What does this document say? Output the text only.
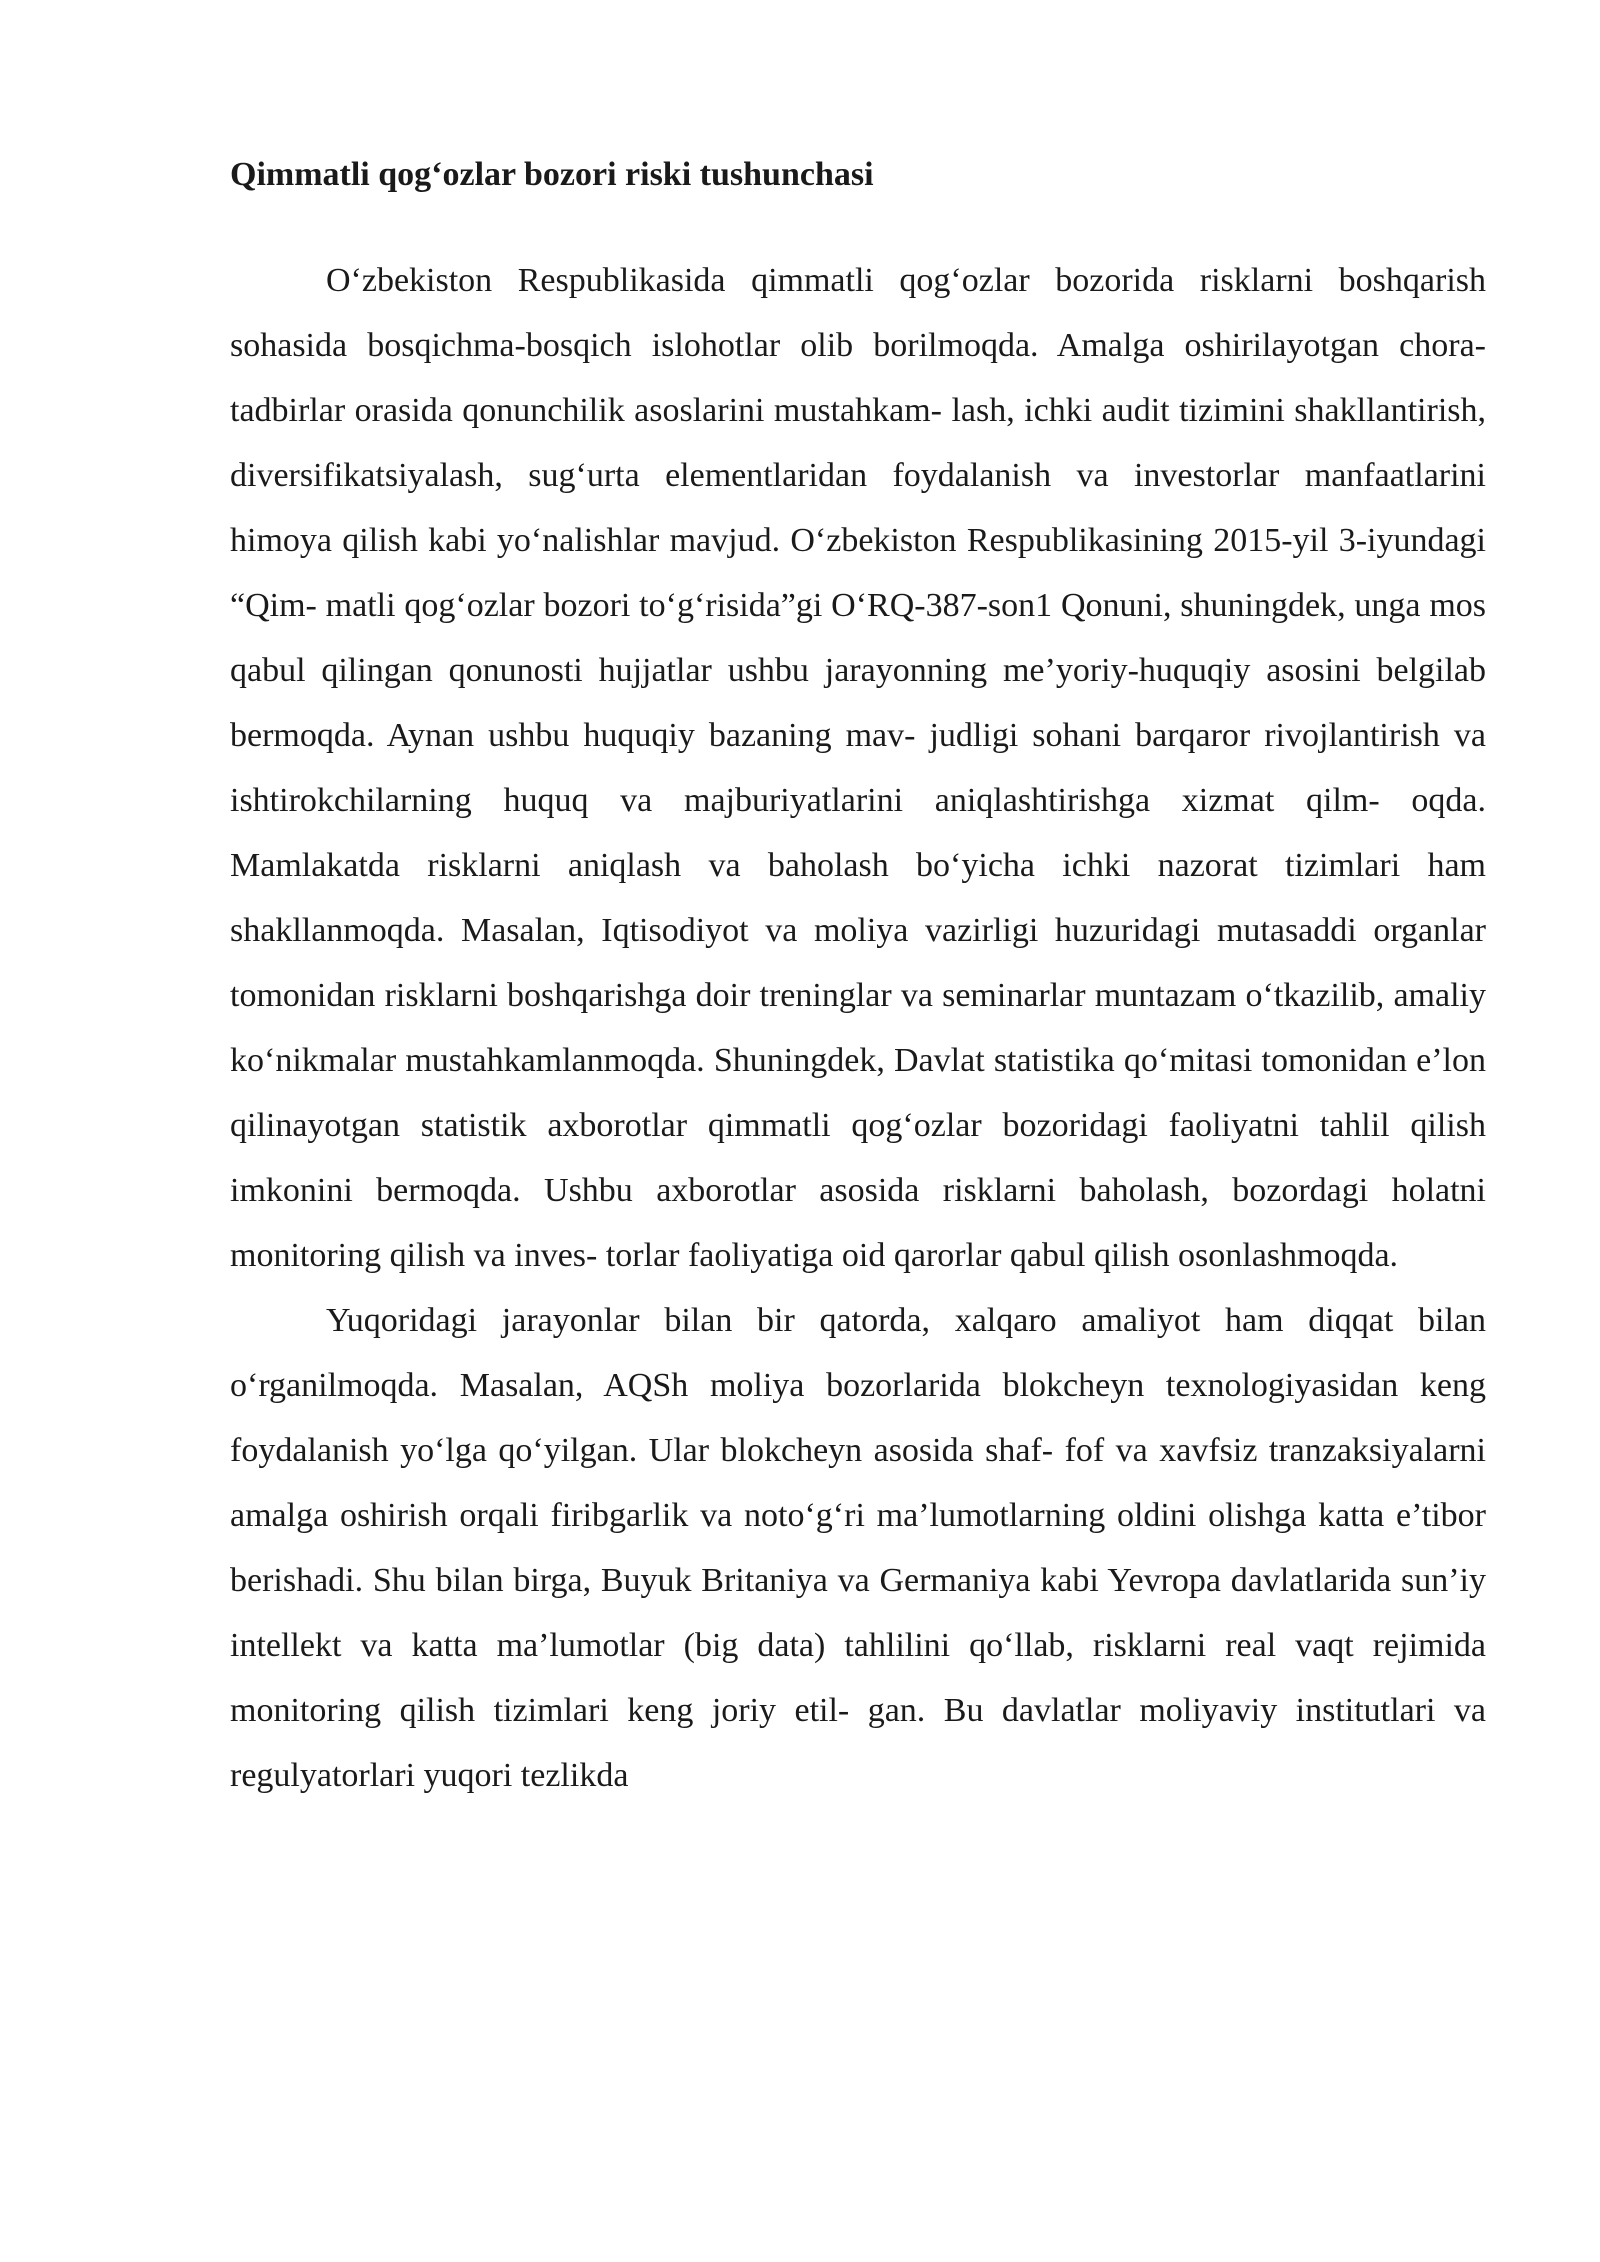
Qimmatli qog‘ozlar bozori riski tushunchasi

O‘zbekiston Respublikasida qimmatli qog‘ozlar bozorida risklarni boshqarish sohasida bosqichma-bosqich islohotlar olib borilmoqda. Amalga oshirilayotgan chora-tadbirlar orasida qonunchilik asoslarini mustahkam- lash, ichki audit tizimini shakllantirish, diversifikatsiyalash, sug‘urta elementlaridan foydalanish va investorlar manfaatlarini himoya qilish kabi yo‘nalishlar mavjud. O‘zbekiston Respublikasining 2015-yil 3-iyundagi “Qim- matli qog‘ozlar bozori to‘g‘risida”gi O‘RQ-387-son1 Qonuni, shuningdek, unga mos qabul qilingan qonunosti hujjatlar ushbu jarayonning me’yoriy-huquqiy asosini belgilab bermoqda. Aynan ushbu huquqiy bazaning mav- judligi sohani barqaror rivojlantirish va ishtirokchilarning huquq va majburiyatlarini aniqlashtirishga xizmat qilm- oqda. Mamlakatda risklarni aniqlash va baholash bo‘yicha ichki nazorat tizimlari ham shakllanmoqda. Masalan, Iqtisodiyot va moliya vazirligi huzuridagi mutasaddi organlar tomonidan risklarni boshqarishga doir treninglar va seminarlar muntazam o‘tkazilib, amaliy ko‘nikmalar mustahkamlanmoqda. Shuningdek, Davlat statistika qo‘mitasi tomonidan e’lon qilinayotgan statistik axborotlar qimmatli qog‘ozlar bozoridagi faoliyatni tahlil qilish imkonini bermoqda. Ushbu axborotlar asosida risklarni baholash, bozordagi holatni monitoring qilish va inves- torlar faoliyatiga oid qarorlar qabul qilish osonlashmoqda.

Yuqoridagi jarayonlar bilan bir qatorda, xalqaro amaliyot ham diqqat bilan o‘rganilmoqda. Masalan, AQSh moliya bozorlarida blokcheyn texnologiyasidan keng foydalanish yo‘lga qo‘yilgan. Ular blokcheyn asosida shaf- fof va xavfsiz tranzaksiyalarni amalga oshirish orqali firibgarlik va noto‘g‘ri ma’lumotlarning oldini olishga katta e’tibor berishadi. Shu bilan birga, Buyuk Britaniya va Germaniya kabi Yevropa davlatlarida sun’iy intellekt va katta ma’lumotlar (big data) tahlilini qo‘llab, risklarni real vaqt rejimida monitoring qilish tizimlari keng joriy etil- gan. Bu davlatlar moliyaviy institutlari va regulyatorlari yuqori tezlikda
